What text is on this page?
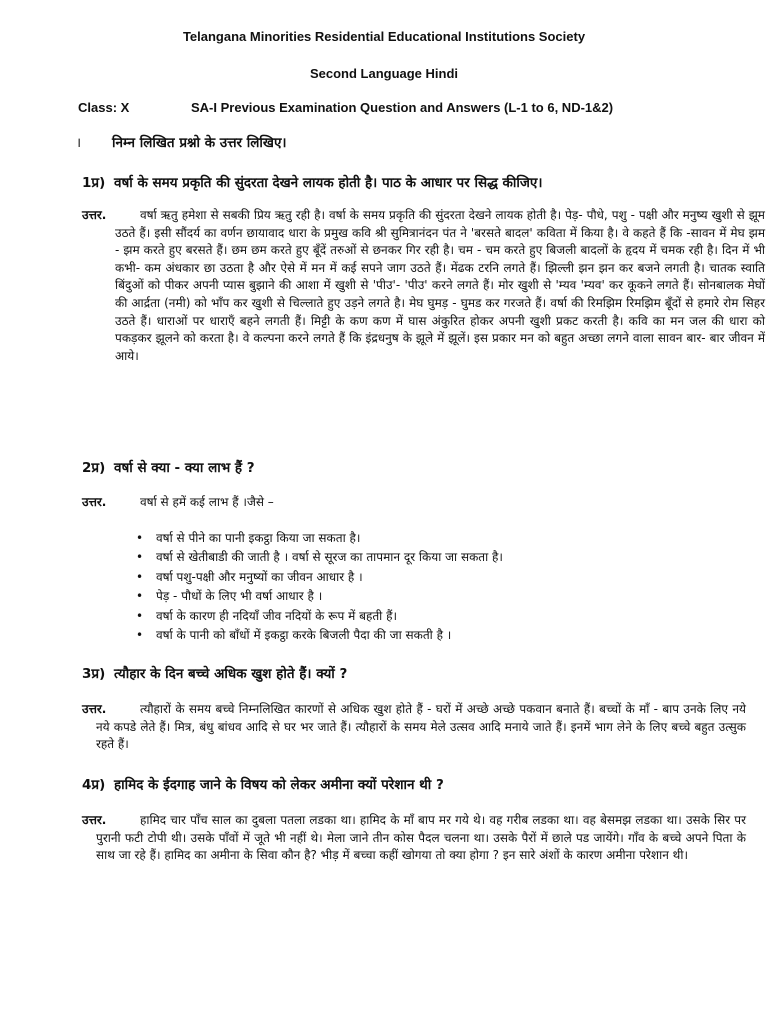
Telangana Minorities Residential Educational Institutions Society
Second Language Hindi
Class: X	SA-I Previous Examination Question and Answers (L-1 to 6, ND-1&2)
। निम्न लिखित प्रश्नो के उत्तर लिखिए।
1प्र) वर्षा के समय प्रकृति की सुंदरता देखने लायक होती है। पाठ के आधार पर सिद्ध कीजिए।
उत्तर.	वर्षा ऋतु हमेशा से सबकी प्रिय ऋतु रही है। वर्षा के समय प्रकृति की सुंदरता देखने लायक होती है। पेड़- पौधे, पशु - पक्षी और मनुष्य खुशी से झूम उठते हैं। इसी सौंदर्य का वर्णन छायावाद धारा के प्रमुख कवि श्री सुमित्रानंदन पंत ने 'बरसते बादल' कविता में किया है। वे कहते हैं कि -सावन में मेघ झम - झम करते हुए बरसते हैं। छम छम करते हुए बूँदें तरुओं से छनकर गिर रही है। चम - चम करते हुए बिजली बादलों के हृदय में चमक रही है। दिन में भी कभी- कम अंधकार छा उठता है और ऐसे में मन में कई सपने जाग उठते हैं। मेंढक टरनि लगते हैं। झिल्ली झन झन कर बजने लगती है। चातक स्वाति बिंदुओं को पीकर अपनी प्यास बुझाने की आशा में खुशी से 'पीउ'- 'पीउ' करने लगते हैं। मोर खुशी से 'म्यव 'म्यव' कर कूकने लगते हैं। सोनबालक मेघों की आर्द्रता (नमी) को भाँप कर खुशी से चिल्लाते हुए उड़ने लगते है। मेघ घुमड़ - घुमड कर गरजते हैं। वर्षा की रिमझिम रिमझिम बूँदों से हमारे रोम सिहर उठते हैं। धाराओं पर धाराएँ बहने लगती हैं। मिट्टी के कण कण में घास अंकुरित होकर अपनी खुशी प्रकट करती है। कवि का मन जल की धारा को पकड़कर झूलने को करता है। वे कल्पना करने लगते हैं कि इंद्रधनुष के झूले में झूलें। इस प्रकार मन को बहुत अच्छा लगने वाला सावन बार- बार जीवन में आये।
2प्र) वर्षा से क्या - क्या लाभ हैं ?
उत्तर.	वर्षा से हमें कई लाभ हैं ।जैसे –
• वर्षा से पीने का पानी इकट्ठा किया जा सकता है।
• वर्षा से खेतीबाडी की जाती है । वर्षा से सूरज का तापमान दूर किया जा सकता है।
• वर्षा पशु-पक्षी और मनुष्यों का जीवन आधार है ।
• पेड़ - पौधों के लिए भी वर्षा आधार है ।
• वर्षा के कारण ही नदियाँ जीव नदियों के रूप में बहती हैं।
• वर्षा के पानी को बाँधों में इकट्ठा करके बिजली पैदा की जा सकती है ।
3प्र) त्यौहार के दिन बच्चे अधिक खुश होते हैं। क्यों ?
उत्तर.	त्यौहारों के समय बच्चे निम्नलिखित कारणों से अधिक खुश होते हैं - घरों में अच्छे अच्छे पकवान बनाते हैं। बच्चों के माँ - बाप उनके लिए नये नये कपडे लेते हैं। मित्र, बंधु बांधव आदि से घर भर जाते हैं। त्यौहारों के समय मेले उत्सव आदि मनाये जाते हैं। इनमें भाग लेने के लिए बच्चे बहुत उत्सुक रहते हैं।
4प्र) हामिद के ईदगाह जाने के विषय को लेकर अमीना क्यों परेशान थी ?
उत्तर.	हामिद चार पाँच साल का दुबला पतला लडका था। हामिद के माँ बाप मर गये थे। वह गरीब लडका था। वह बेसमझ लडका था। उसके सिर पर पुरानी फटी टोपी थी। उसके पाँवों में जूते भी नहीं थे। मेला जाने तीन कोस पैदल चलना था। उसके पैरों में छाले पड जायेंगे। गाँव के बच्चे अपने पिता के साथ जा रहे हैं। हामिद का अमीना के सिवा कौन है? भीड़ में बच्चा कहीं खोगया तो क्या होगा ? इन सारे अंशों के कारण अमीना परेशान थी।
